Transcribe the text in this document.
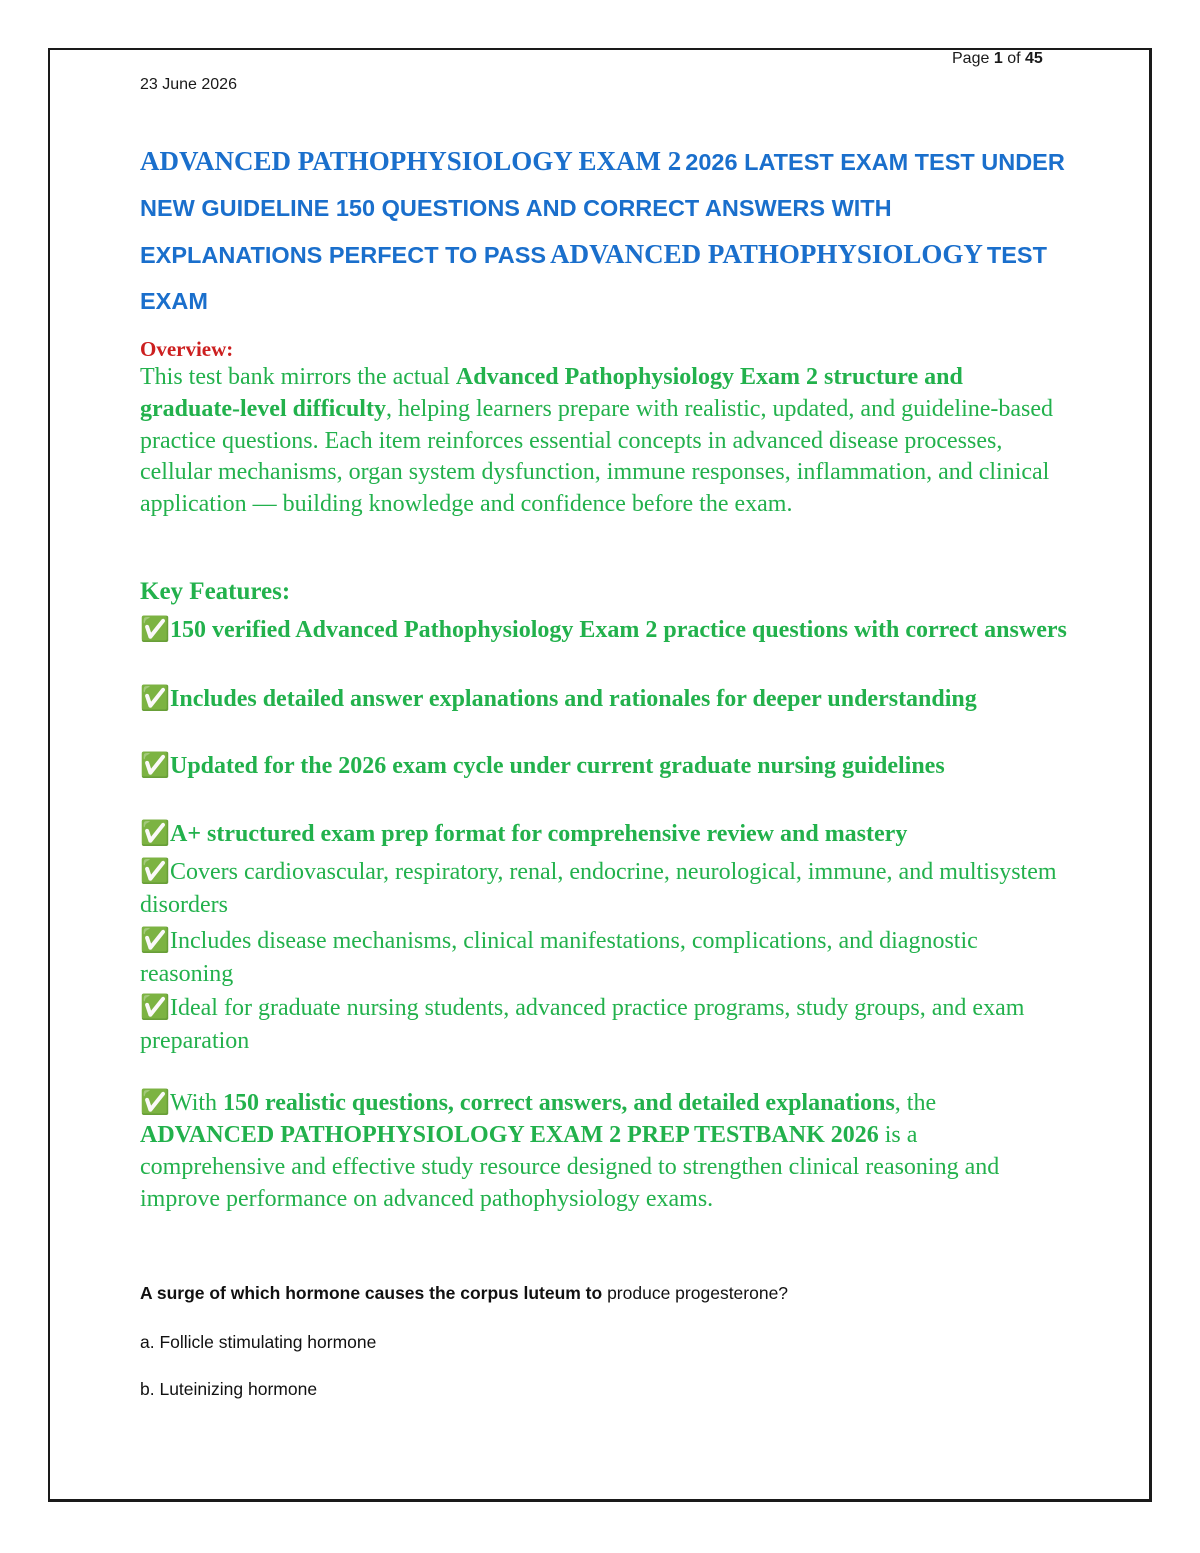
Page 1 of 45
23 June 2026
ADVANCED PATHOPHYSIOLOGY EXAM 2 2026 LATEST EXAM TEST UNDER NEW GUIDELINE 150 QUESTIONS AND CORRECT ANSWERS WITH EXPLANATIONS PERFECT TO PASS ADVANCED PATHOPHYSIOLOGY TEST EXAM
Overview:
This test bank mirrors the actual Advanced Pathophysiology Exam 2 structure and graduate-level difficulty, helping learners prepare with realistic, updated, and guideline-based practice questions. Each item reinforces essential concepts in advanced disease processes, cellular mechanisms, organ system dysfunction, immune responses, inflammation, and clinical application — building knowledge and confidence before the exam.
Key Features:
✅150 verified Advanced Pathophysiology Exam 2 practice questions with correct answers
✅Includes detailed answer explanations and rationales for deeper understanding
✅Updated for the 2026 exam cycle under current graduate nursing guidelines
✅A+ structured exam prep format for comprehensive review and mastery
✅Covers cardiovascular, respiratory, renal, endocrine, neurological, immune, and multisystem disorders
✅Includes disease mechanisms, clinical manifestations, complications, and diagnostic reasoning
✅Ideal for graduate nursing students, advanced practice programs, study groups, and exam preparation
✅With 150 realistic questions, correct answers, and detailed explanations, the ADVANCED PATHOPHYSIOLOGY EXAM 2 PREP TESTBANK 2026 is a comprehensive and effective study resource designed to strengthen clinical reasoning and improve performance on advanced pathophysiology exams.
A surge of which hormone causes the corpus luteum to produce progesterone?
a. Follicle stimulating hormone
b. Luteinizing hormone
